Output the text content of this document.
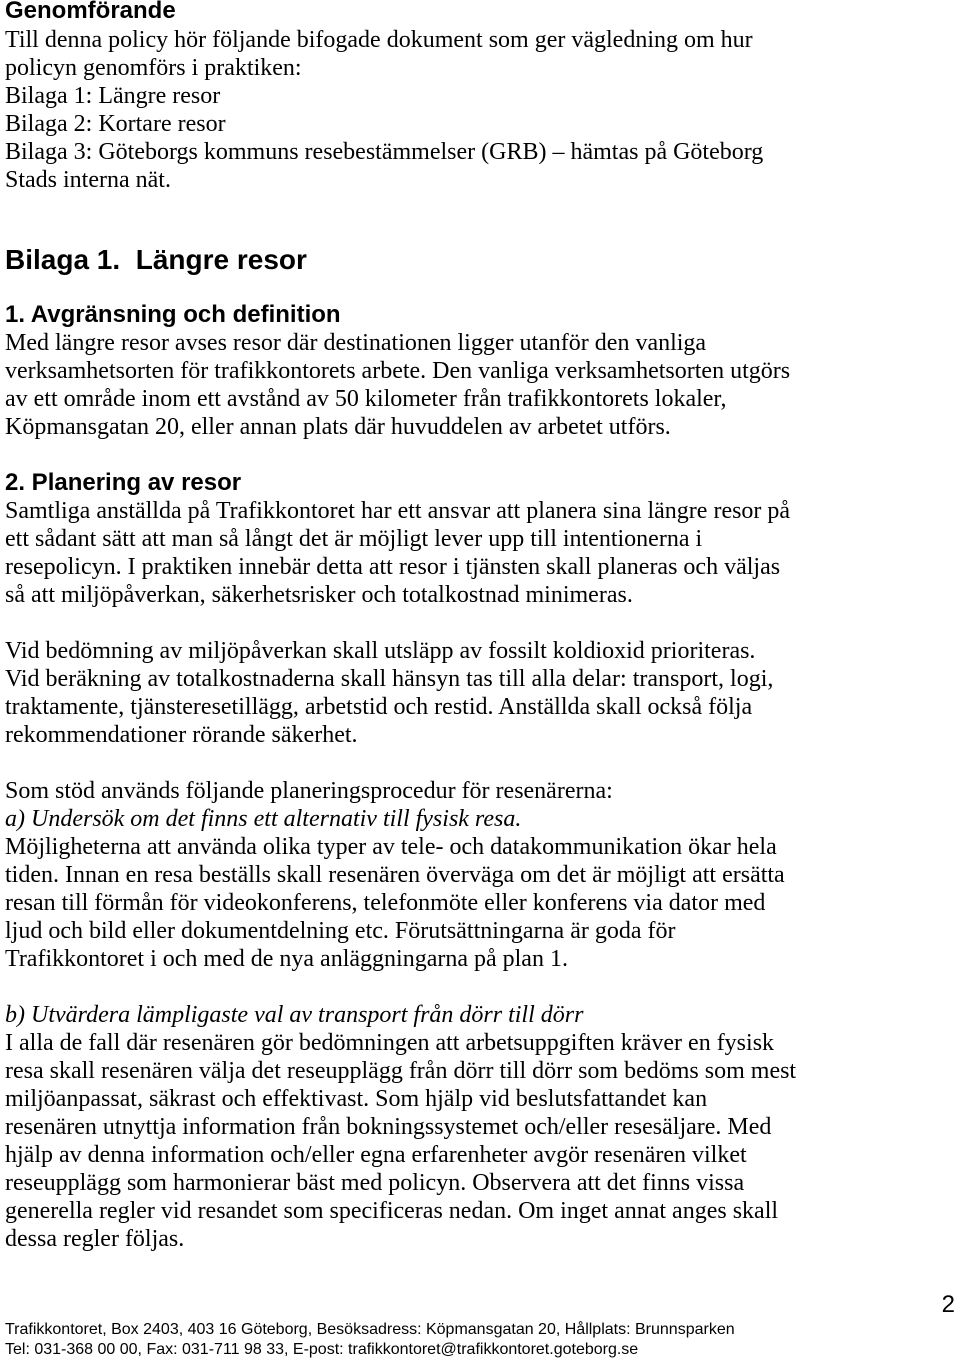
Genomförande
Till denna policy hör följande bifogade dokument som ger vägledning om hur
policyn genomförs i praktiken:
Bilaga 1: Längre resor
Bilaga 2: Kortare resor
Bilaga 3: Göteborgs kommuns resebestämmelser (GRB) – hämtas på Göteborg
Stads interna nät.
Bilaga 1.  Längre resor
1. Avgränsning och definition
Med längre resor avses resor där destinationen ligger utanför den vanliga
verksamhetsorten för trafikkontorets arbete. Den vanliga verksamhetsorten utgörs
av ett område inom ett avstånd av 50 kilometer från trafikkontorets lokaler,
Köpmansgatan 20, eller annan plats där huvuddelen av arbetet utförs.
2. Planering av resor
Samtliga anställda på Trafikkontoret har ett ansvar att planera sina längre resor på
ett sådant sätt att man så långt det är möjligt lever upp till intentionerna i
resepolicyn. I praktiken innebär detta att resor i tjänsten skall planeras och väljas
så att miljöpåverkan, säkerhetsrisker och totalkostnad minimeras.
Vid bedömning av miljöpåverkan skall utsläpp av fossilt koldioxid prioriteras.
Vid beräkning av totalkostnaderna skall hänsyn tas till alla delar: transport, logi,
traktamente, tjänsteresetillägg, arbetstid och restid. Anställda skall också följa
rekommendationer rörande säkerhet.
Som stöd används följande planeringsprocedur för resenärerna:
a) Undersök om det finns ett alternativ till fysisk resa.
Möjligheterna att använda olika typer av tele- och datakommunikation ökar hela
tiden. Innan en resa beställs skall resenären överväga om det är möjligt att ersätta
resan till förmån för videokonferens, telefonmöte eller konferens via dator med
ljud och bild eller dokumentdelning etc. Förutsättningarna är goda för
Trafikkontoret i och med de nya anläggningarna på plan 1.
b) Utvärdera lämpligaste val av transport från dörr till dörr
I alla de fall där resenären gör bedömningen att arbetsuppgiften kräver en fysisk
resa skall resenären välja det reseupplägg från dörr till dörr som bedöms som mest
miljöanpassat, säkrast och effektivast. Som hjälp vid beslutsfattandet kan
resenären utnyttja information från bokningssystemet och/eller resesäljare. Med
hjälp av denna information och/eller egna erfarenheter avgör resenären vilket
reseupplägg som harmonierar bäst med policyn. Observera att det finns vissa
generella regler vid resandet som specificeras nedan. Om inget annat anges skall
dessa regler följas.
2
Trafikkontoret, Box 2403, 403 16 Göteborg, Besöksadress: Köpmansgatan 20, Hållplats: Brunnsparken
Tel: 031-368 00 00, Fax: 031-711 98 33, E-post: trafikkontoret@trafikkontoret.goteborg.se
